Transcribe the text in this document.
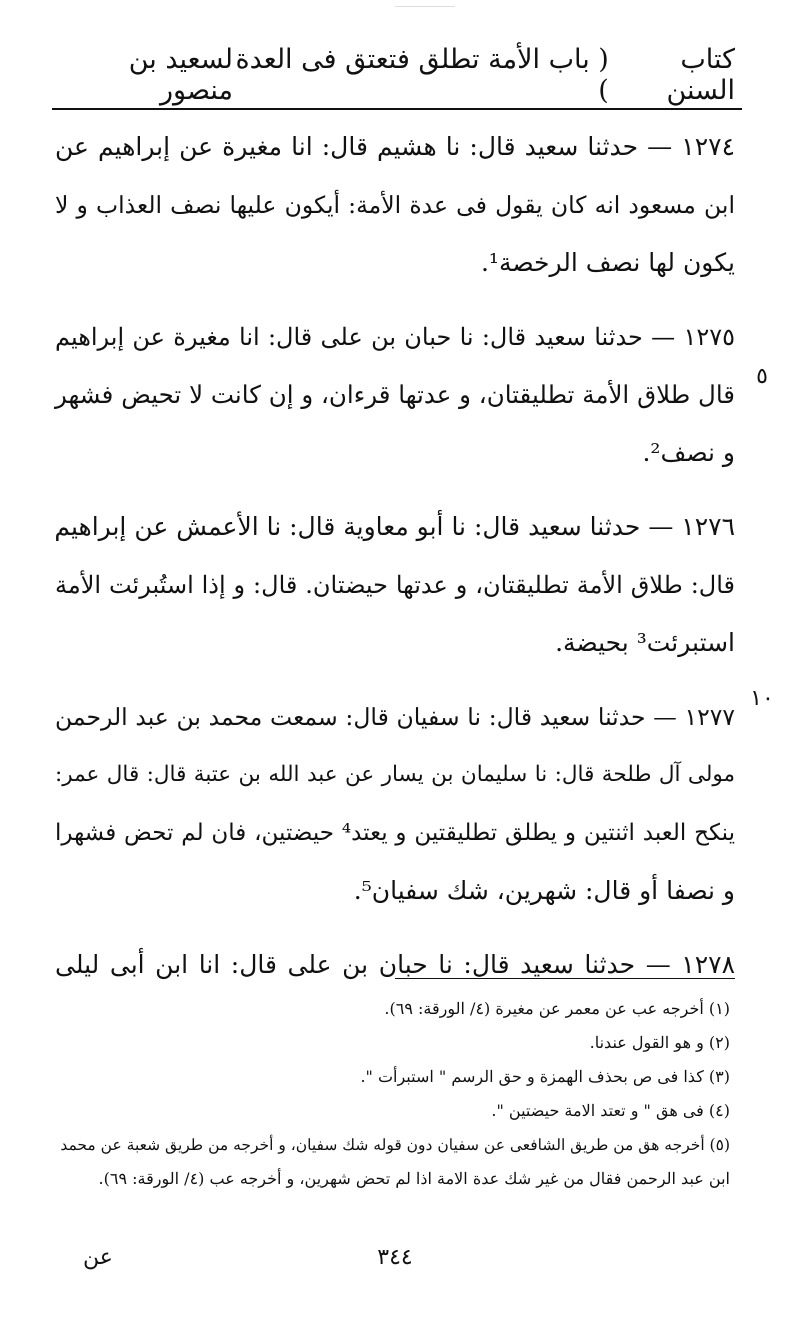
كتاب السنن
( باب الأمة تطلق فتعتق فى العدة )
لسعيد بن منصور
١٢٧٤ — حدثنا سعيد قال: نا هشيم قال: انا مغيرة عن إبراهيم عن
ابن مسعود انه كان يقول فى عدة الأمة: أيكون عليها نصف العذاب و لا
يكون لها نصف الرخصة¹.
١٢٧٥ — حدثنا سعيد قال: نا حبان بن على قال: انا مغيرة عن إبراهيم
قال طلاق الأمة تطليقتان، و عدتها قرءان، و إن كانت لا تحيض فشهر
و نصف².
١٢٧٦ — حدثنا سعيد قال: نا أبو معاوية قال: نا الأعمش عن إبراهيم
قال: طلاق الأمة تطليقتان، و عدتها حيضتان. قال: و إذا استُبرئت الأمة
استبرئت³ بحيضة.
١٢٧٧ — حدثنا سعيد قال: نا سفيان قال: سمعت محمد بن عبد الرحمن
مولى آل طلحة قال: نا سليمان بن يسار عن عبد الله بن عتبة قال: قال عمر:
ينكح العبد اثنتين و يطلق تطليقتين و يعتد⁴ حيضتين، فان لم تحض فشهرا
و نصفا أو قال: شهرين، شك سفيان⁵.
١٢٧٨ — حدثنا سعيد قال: نا حبان بن على قال: انا ابن أبى ليلى
٥
١٠
(١) أخرجه عب عن معمر عن مغيرة (٤/ الورقة: ٦٩).
(٢) و هو القول عندنا.
(٣) كذا فى ص بحذف الهمزة و حق الرسم " استبرأت ".
(٤) فى هق " و تعتد الامة حيضتين ".
(٥) أخرجه هق من طريق الشافعى عن سفيان دون قوله شك سفيان، و أخرجه من طريق شعبة عن محمد
ابن عبد الرحمن فقال من غير شك عدة الامة اذا لم تحض شهرين، و أخرجه عب (٤/ الورقة: ٦٩).
عن	٣٤٤
